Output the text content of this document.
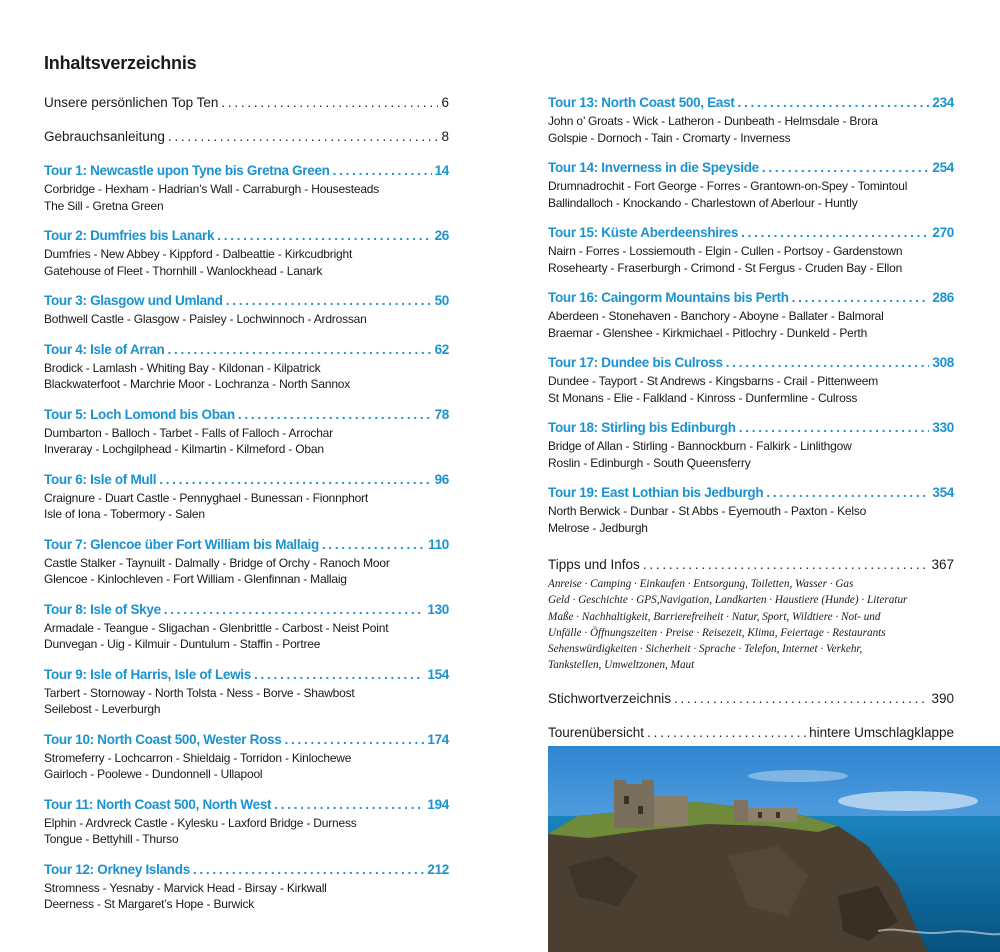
Inhaltsverzeichnis
Unsere persönlichen Top Ten . . .	6
Gebrauchsanleitung . . .	8
Tour 1: Newcastle upon Tyne bis Gretna Green . . .	14
Corbridge - Hexham - Hadrian’s Wall - Carraburgh - Housesteads
The Sill - Gretna Green
Tour 2: Dumfries bis Lanark . . .	26
Dumfries - New Abbey - Kippford - Dalbeattie - Kirkcudbright
Gatehouse of Fleet - Thornhill - Wanlockhead - Lanark
Tour 3: Glasgow und Umland . . .	50
Bothwell Castle - Glasgow - Paisley - Lochwinnoch - Ardrossan
Tour 4: Isle of Arran . . .	62
Brodick - Lamlash - Whiting Bay - Kildonan - Kilpatrick
Blackwaterfoot - Marchrie Moor - Lochranza - North Sannox
Tour 5: Loch Lomond bis Oban . . .	78
Dumbarton - Balloch - Tarbet - Falls of Falloch - Arrochar
Inveraray - Lochgilphead - Kilmartin - Kilmeford - Oban
Tour 6: Isle of Mull . . .	96
Craignure - Duart Castle - Pennyghael - Bunessan - Fionnphort
Isle of Iona - Tobermory - Salen
Tour 7: Glencoe über Fort William bis Mallaig . . .	110
Castle Stalker - Taynuilt - Dalmally - Bridge of Orchy - Ranoch Moor
Glencoe - Kinlochleven - Fort William - Glenfinnan - Mallaig
Tour 8: Isle of Skye . . .	130
Armadale - Teangue - Sligachan - Glenbrittle - Carbost - Neist Point
Dunvegan - Uig - Kilmuir - Duntulum - Staffin - Portree
Tour 9: Isle of Harris, Isle of Lewis . . .	154
Tarbert - Stornoway - North Tolsta - Ness - Borve - Shawbost
Seilebost - Leverburgh
Tour 10: North Coast 500, Wester Ross . . .	174
Stromeferry - Lochcarron - Shieldaig - Torridon - Kinlochewe
Gairloch - Poolewe - Dundonnell - Ullapool
Tour 11: North Coast 500, North West . . .	194
Elphin - Ardvreck Castle - Kylesku - Laxford Bridge - Durness
Tongue - Bettyhill - Thurso
Tour 12: Orkney Islands . . .	212
Stromness - Yesnaby - Marvick Head - Birsay - Kirkwall
Deerness - St Margaret’s Hope - Burwick
Tour 13: North Coast 500, East . . .	234
John o’ Groats - Wick - Latheron - Dunbeath - Helmsdale - Brora
Golspie - Dornoch - Tain - Cromarty - Inverness
Tour 14: Inverness in die Speyside . . .	254
Drumnadrochit - Fort George - Forres - Grantown-on-Spey - Tomintoul
Ballindalloch - Knockando - Charlestown of Aberlour - Huntly
Tour 15: Küste Aberdeenshires . . .	270
Nairn - Forres - Lossiemouth - Elgin - Cullen - Portsoy - Gardenstown
Rosehearty - Fraserburgh - Crimond - St Fergus - Cruden Bay - Ellon
Tour 16: Caingorm Mountains bis Perth . . .	286
Aberdeen - Stonehaven - Banchory - Aboyne - Ballater - Balmoral
Braemar - Glenshee - Kirkmichael - Pitlochry - Dunkeld - Perth
Tour 17: Dundee bis Culross . . .	308
Dundee - Tayport - St Andrews - Kingsbarns - Crail - Pittenweem
St Monans - Elie - Falkland - Kinross - Dunfermline - Culross
Tour 18: Stirling bis Edinburgh . . .	330
Bridge of Allan - Stirling - Bannockburn - Falkirk - Linlithgow
Roslin - Edinburgh - South Queensferry
Tour 19: East Lothian bis Jedburgh . . .	354
North Berwick - Dunbar - St Abbs - Eyemouth - Paxton - Kelso
Melrose - Jedburgh
Tipps und Infos . . .	367
Anreise · Camping · Einkaufen · Entsorgung, Toiletten, Wasser · Gas
Geld · Geschichte · GPS,Navigation, Landkarten · Haustiere (Hunde) · Literatur
Maße · Nachhaltigkeit, Barrierefreiheit · Natur, Sport, Wildtiere · Not- und
Unfälle · Öffnungszeiten · Preise · Reisezeit, Klima, Feiertage · Restaurants
Sehenswürdigkeiten · Sicherheit · Sprache · Telefon, Internet · Verkehr,
Tankstellen, Umweltzonen, Maut
Stichwortverzeichnis . . .	390
Tourenübersicht . . .	hintere Umschlagklappe
